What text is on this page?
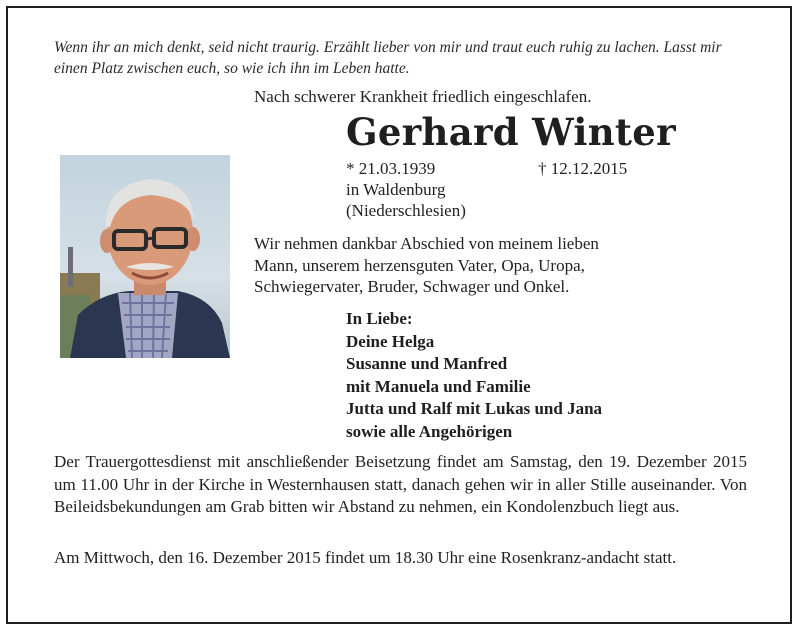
Wenn ihr an mich denkt, seid nicht traurig. Erzählt lieber von mir und traut euch ruhig zu lachen. Lasst mir einen Platz zwischen euch, so wie ich ihn im Leben hatte.
Nach schwerer Krankheit friedlich eingeschlafen.
Gerhard Winter
* 21.03.1939	† 12.12.2015
in Waldenburg
(Niederschlesien)
Wir nehmen dankbar Abschied von meinem lieben
Mann, unserem herzensguten Vater, Opa, Uropa,
Schwiegervater, Bruder, Schwager und Onkel.
In Liebe:
Deine Helga
Susanne und Manfred
mit Manuela und Familie
Jutta und Ralf mit Lukas und Jana
sowie alle Angehörigen
Der Trauergottesdienst mit anschließender Beisetzung findet am Samstag, den 19. Dezember 2015 um 11.00 Uhr in der Kirche in Westernhausen statt, danach gehen wir in aller Stille auseinander. Von Beileidsbekundungen am Grab bitten wir Abstand zu nehmen, ein Kondolenzbuch liegt aus.
Am Mittwoch, den 16. Dezember 2015 findet um 18.30 Uhr eine Rosenkranz-andacht statt.
